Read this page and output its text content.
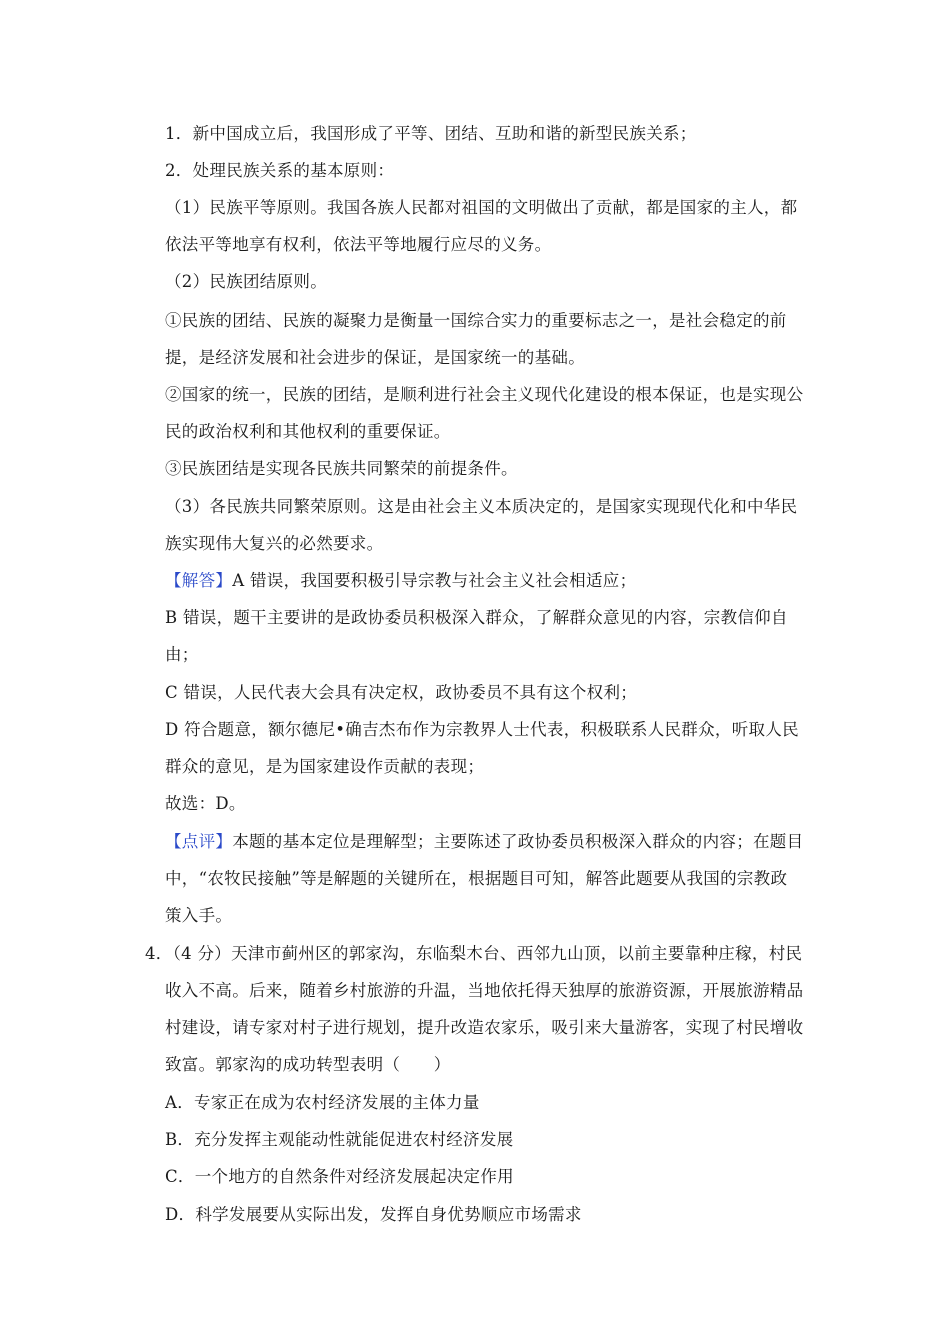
1．新中国成立后，我国形成了平等、团结、互助和谐的新型民族关系；
2．处理民族关系的基本原则：
（1）民族平等原则。我国各族人民都对祖国的文明做出了贡献，都是国家的主人，都
依法平等地享有权利，依法平等地履行应尽的义务。
（2）民族团结原则。
①民族的团结、民族的凝聚力是衡量一国综合实力的重要标志之一，是社会稳定的前
提，是经济发展和社会进步的保证，是国家统一的基础。
②国家的统一，民族的团结，是顺利进行社会主义现代化建设的根本保证，也是实现公
民的政治权利和其他权利的重要保证。
③民族团结是实现各民族共同繁荣的前提条件。
（3）各民族共同繁荣原则。这是由社会主义本质决定的，是国家实现现代化和中华民
族实现伟大复兴的必然要求。
【解答】A 错误，我国要积极引导宗教与社会主义社会相适应；
B 错误，题干主要讲的是政协委员积极深入群众，了解群众意见的内容，宗教信仰自
由；
C 错误，人民代表大会具有决定权，政协委员不具有这个权利；
D 符合题意，额尔德尼•确吉杰布作为宗教界人士代表，积极联系人民群众，听取人民
群众的意见，是为国家建设作贡献的表现；
故选：D。
【点评】本题的基本定位是理解型；主要陈述了政协委员积极深入群众的内容；在题目
中，“农牧民接触”等是解题的关键所在，根据题目可知，解答此题要从我国的宗教政
策入手。
4．（4 分）天津市蓟州区的郭家沟，东临梨木台、西邻九山顶，以前主要靠种庄稼，村民
收入不高。后来，随着乡村旅游的升温，当地依托得天独厚的旅游资源，开展旅游精品
村建设，请专家对村子进行规划，提升改造农家乐，吸引来大量游客，实现了村民增收
致富。郭家沟的成功转型表明（　　）
A．专家正在成为农村经济发展的主体力量
B．充分发挥主观能动性就能促进农村经济发展
C．一个地方的自然条件对经济发展起决定作用
D．科学发展要从实际出发，发挥自身优势顺应市场需求
